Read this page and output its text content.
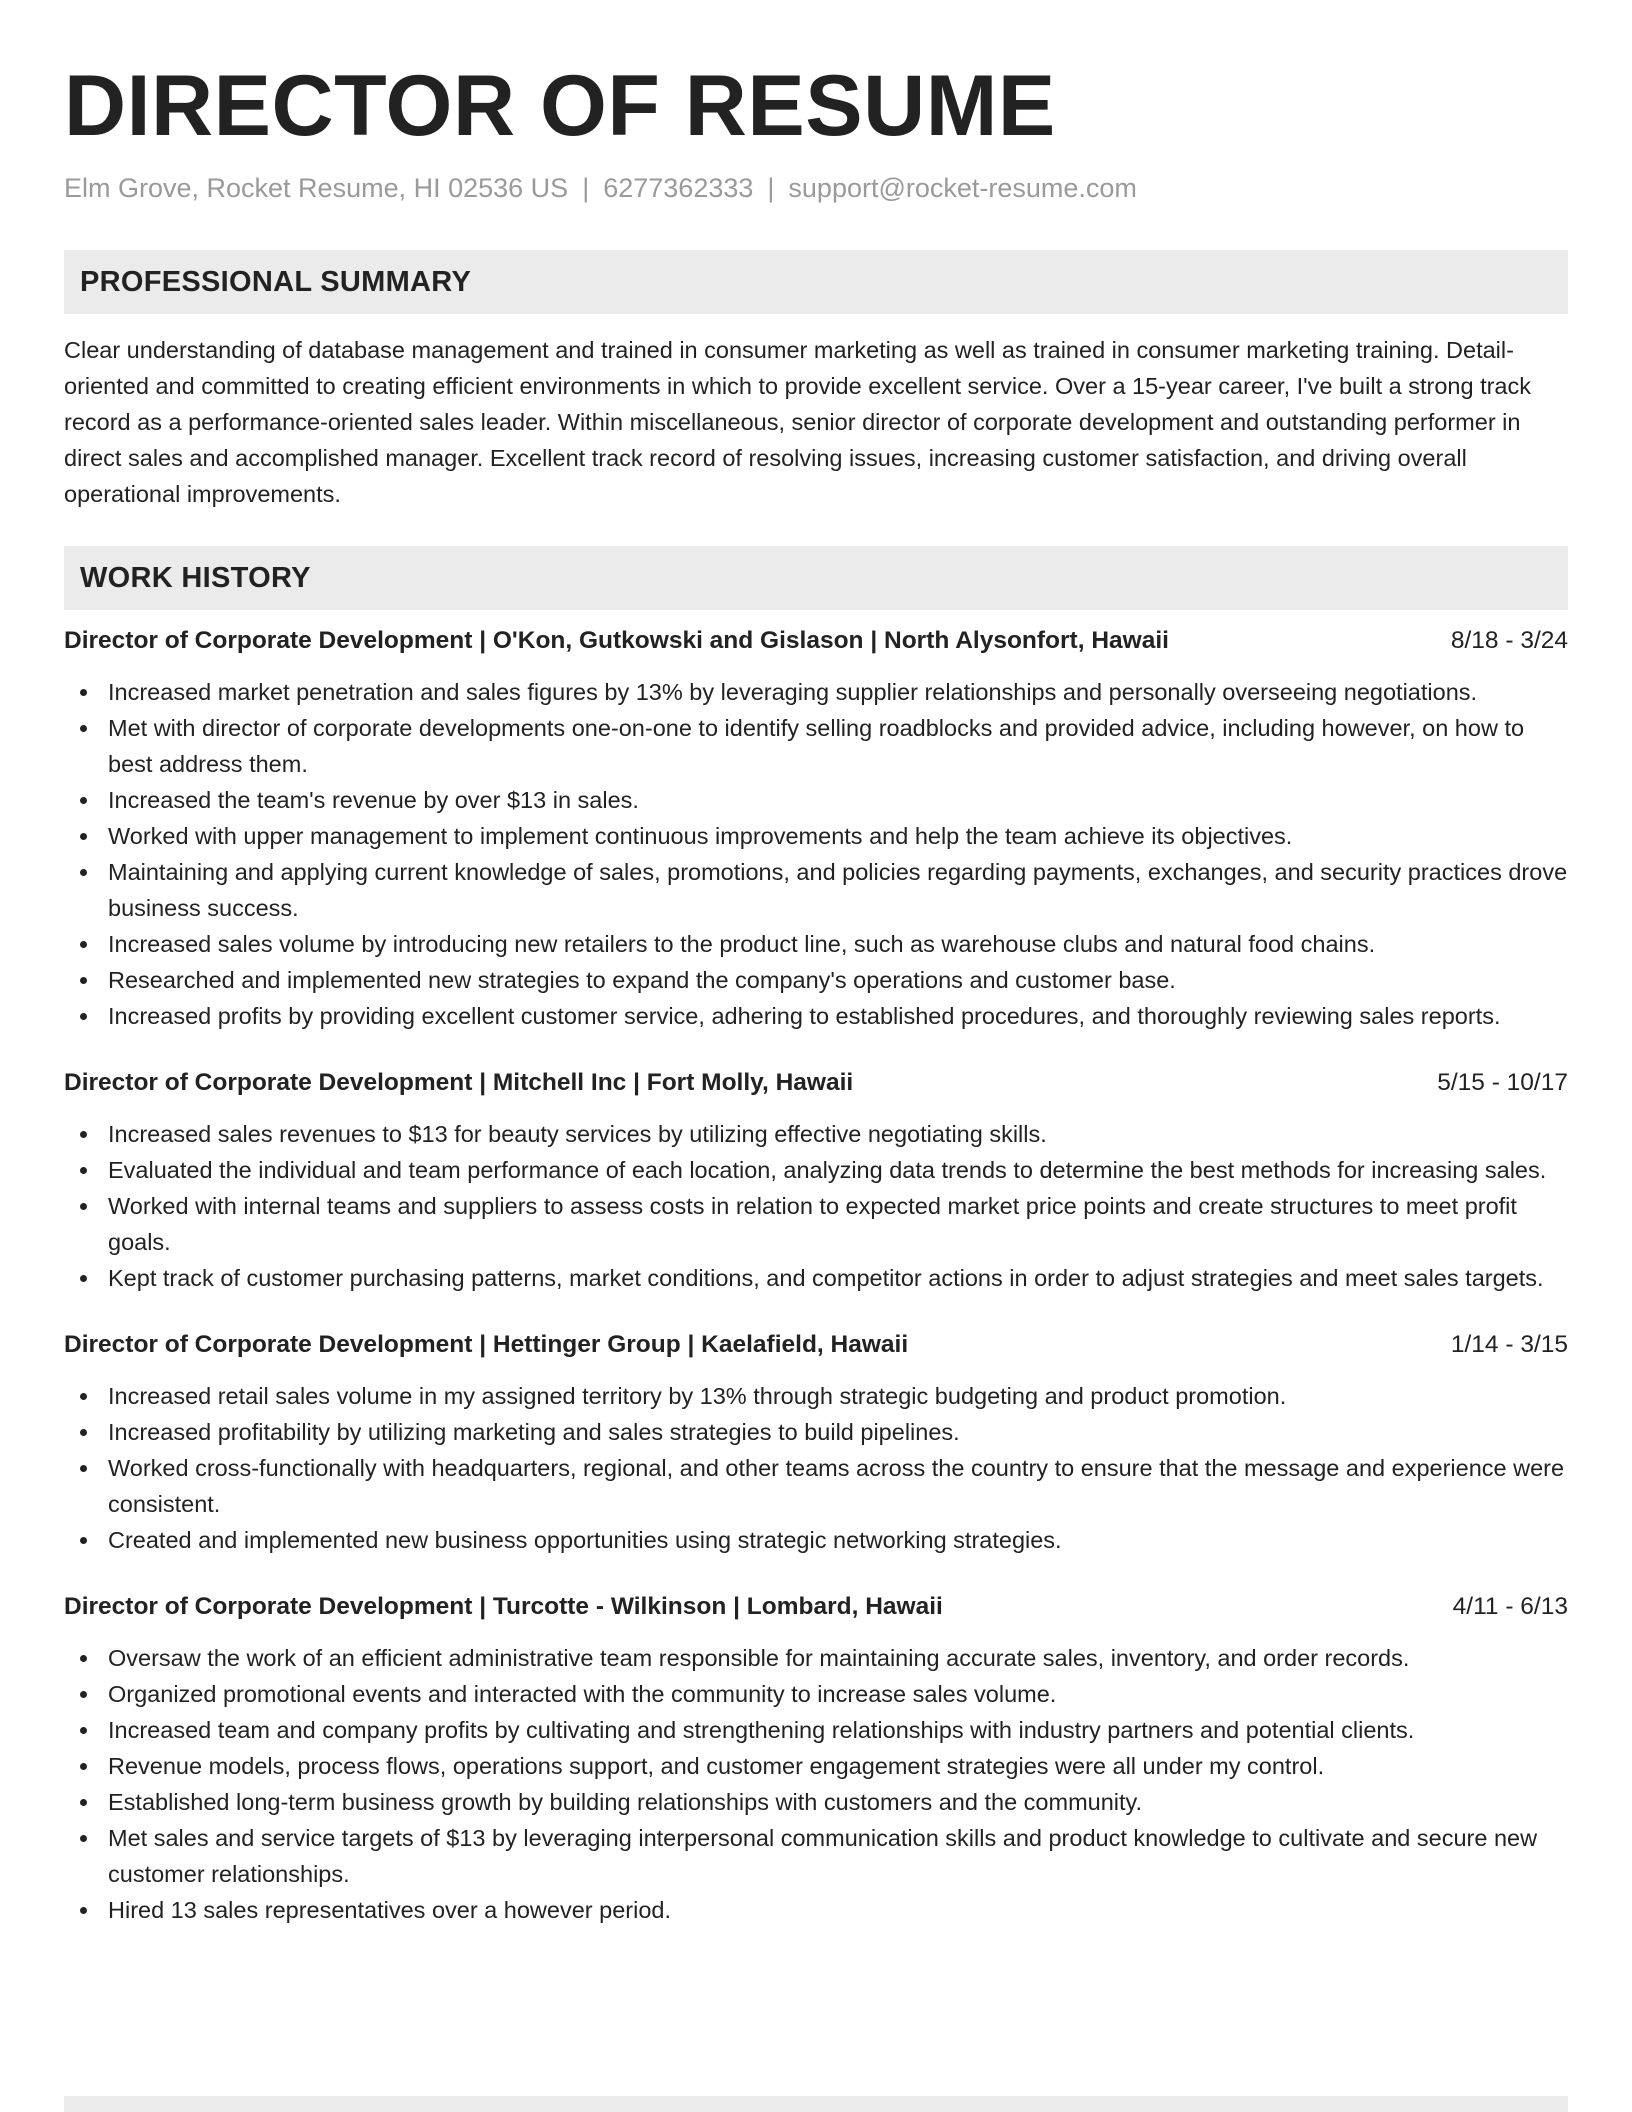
DIRECTOR OF RESUME
Elm Grove, Rocket Resume, HI 02536 US | 6277362333 | support@rocket-resume.com
PROFESSIONAL SUMMARY
Clear understanding of database management and trained in consumer marketing as well as trained in consumer marketing training. Detail-oriented and committed to creating efficient environments in which to provide excellent service. Over a 15-year career, I've built a strong track record as a performance-oriented sales leader. Within miscellaneous, senior director of corporate development and outstanding performer in direct sales and accomplished manager. Excellent track record of resolving issues, increasing customer satisfaction, and driving overall operational improvements.
WORK HISTORY
Director of Corporate Development | O'Kon, Gutkowski and Gislason | North Alysonfort, Hawaii	8/18 - 3/24
Increased market penetration and sales figures by 13% by leveraging supplier relationships and personally overseeing negotiations.
Met with director of corporate developments one-on-one to identify selling roadblocks and provided advice, including however, on how to best address them.
Increased the team's revenue by over $13 in sales.
Worked with upper management to implement continuous improvements and help the team achieve its objectives.
Maintaining and applying current knowledge of sales, promotions, and policies regarding payments, exchanges, and security practices drove business success.
Increased sales volume by introducing new retailers to the product line, such as warehouse clubs and natural food chains.
Researched and implemented new strategies to expand the company's operations and customer base.
Increased profits by providing excellent customer service, adhering to established procedures, and thoroughly reviewing sales reports.
Director of Corporate Development | Mitchell Inc | Fort Molly, Hawaii	5/15 - 10/17
Increased sales revenues to $13 for beauty services by utilizing effective negotiating skills.
Evaluated the individual and team performance of each location, analyzing data trends to determine the best methods for increasing sales.
Worked with internal teams and suppliers to assess costs in relation to expected market price points and create structures to meet profit goals.
Kept track of customer purchasing patterns, market conditions, and competitor actions in order to adjust strategies and meet sales targets.
Director of Corporate Development | Hettinger Group | Kaelafield, Hawaii	1/14 - 3/15
Increased retail sales volume in my assigned territory by 13% through strategic budgeting and product promotion.
Increased profitability by utilizing marketing and sales strategies to build pipelines.
Worked cross-functionally with headquarters, regional, and other teams across the country to ensure that the message and experience were consistent.
Created and implemented new business opportunities using strategic networking strategies.
Director of Corporate Development | Turcotte - Wilkinson | Lombard, Hawaii	4/11 - 6/13
Oversaw the work of an efficient administrative team responsible for maintaining accurate sales, inventory, and order records.
Organized promotional events and interacted with the community to increase sales volume.
Increased team and company profits by cultivating and strengthening relationships with industry partners and potential clients.
Revenue models, process flows, operations support, and customer engagement strategies were all under my control.
Established long-term business growth by building relationships with customers and the community.
Met sales and service targets of $13 by leveraging interpersonal communication skills and product knowledge to cultivate and secure new customer relationships.
Hired 13 sales representatives over a however period.
